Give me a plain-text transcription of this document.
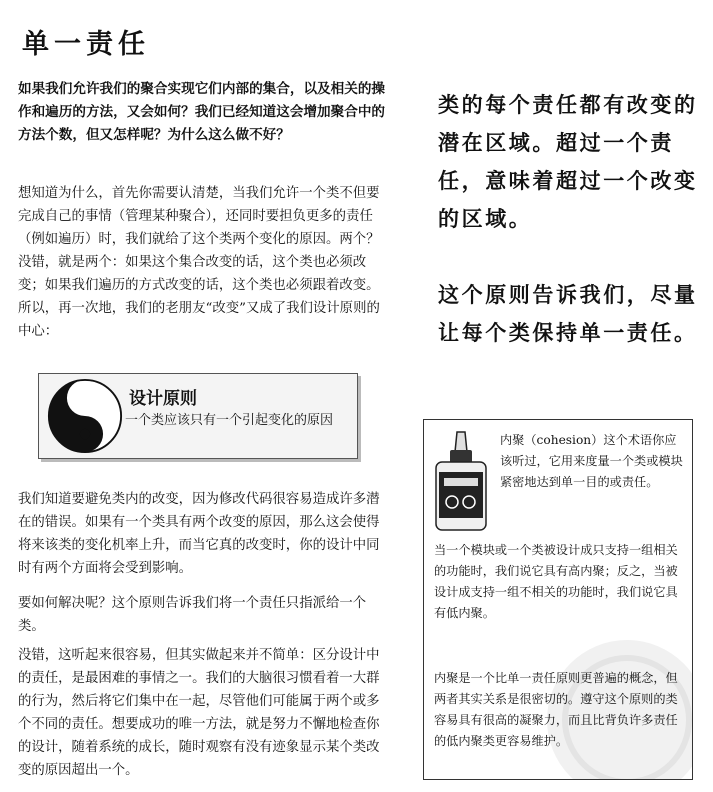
单一责任
如果我们允许我们的聚合实现它们内部的集合，以及相关的操作和遍历的方法，又会如何？我们已经知道这会增加聚合中的方法个数，但又怎样呢？为什么这么做不好？
想知道为什么，首先你需要认清楚，当我们允许一个类不但要完成自己的事情（管理某种聚合），还同时要担负更多的责任（例如遍历）时，我们就给了这个类两个变化的原因。两个？没错，就是两个：如果这个集合改变的话，这个类也必须改变；如果我们遍历的方式改变的话，这个类也必须跟着改变。所以，再一次地，我们的老朋友“改变”又成了我们设计原则的中心：
设计原则
一个类应该只有一个引起变化的原因
我们知道要避免类内的改变，因为修改代码很容易造成许多潜在的错误。如果有一个类具有两个改变的原因，那么这会使得将来该类的变化机率上升，而当它真的改变时，你的设计中同时有两个方面将会受到影响。
要如何解决呢？这个原则告诉我们将一个责任只指派给一个类。
没错，这听起来很容易，但其实做起来并不简单：区分设计中的责任，是最困难的事情之一。我们的大脑很习惯看着一大群的行为，然后将它们集中在一起，尽管他们可能属于两个或多个不同的责任。想要成功的唯一方法，就是努力不懈地检查你的设计，随着系统的成长，随时观察有没有迹象显示某个类改变的原因超出一个。
类的每个责任都有改变的潜在区域。超过一个责任，意味着超过一个改变的区域。
这个原则告诉我们，尽量让每个类保持单一责任。
内聚（cohesion）这个术语你应该听过，它用来度量一个类或模块紧密地达到单一目的或责任。
当一个模块或一个类被设计成只支持一组相关的功能时，我们说它具有高内聚；反之，当被设计成支持一组不相关的功能时，我们说它具有低内聚。
内聚是一个比单一责任原则更普遍的概念，但两者其实关系是很密切的。遵守这个原则的类容易具有很高的凝聚力，而且比背负许多责任的低内聚类更容易维护。
